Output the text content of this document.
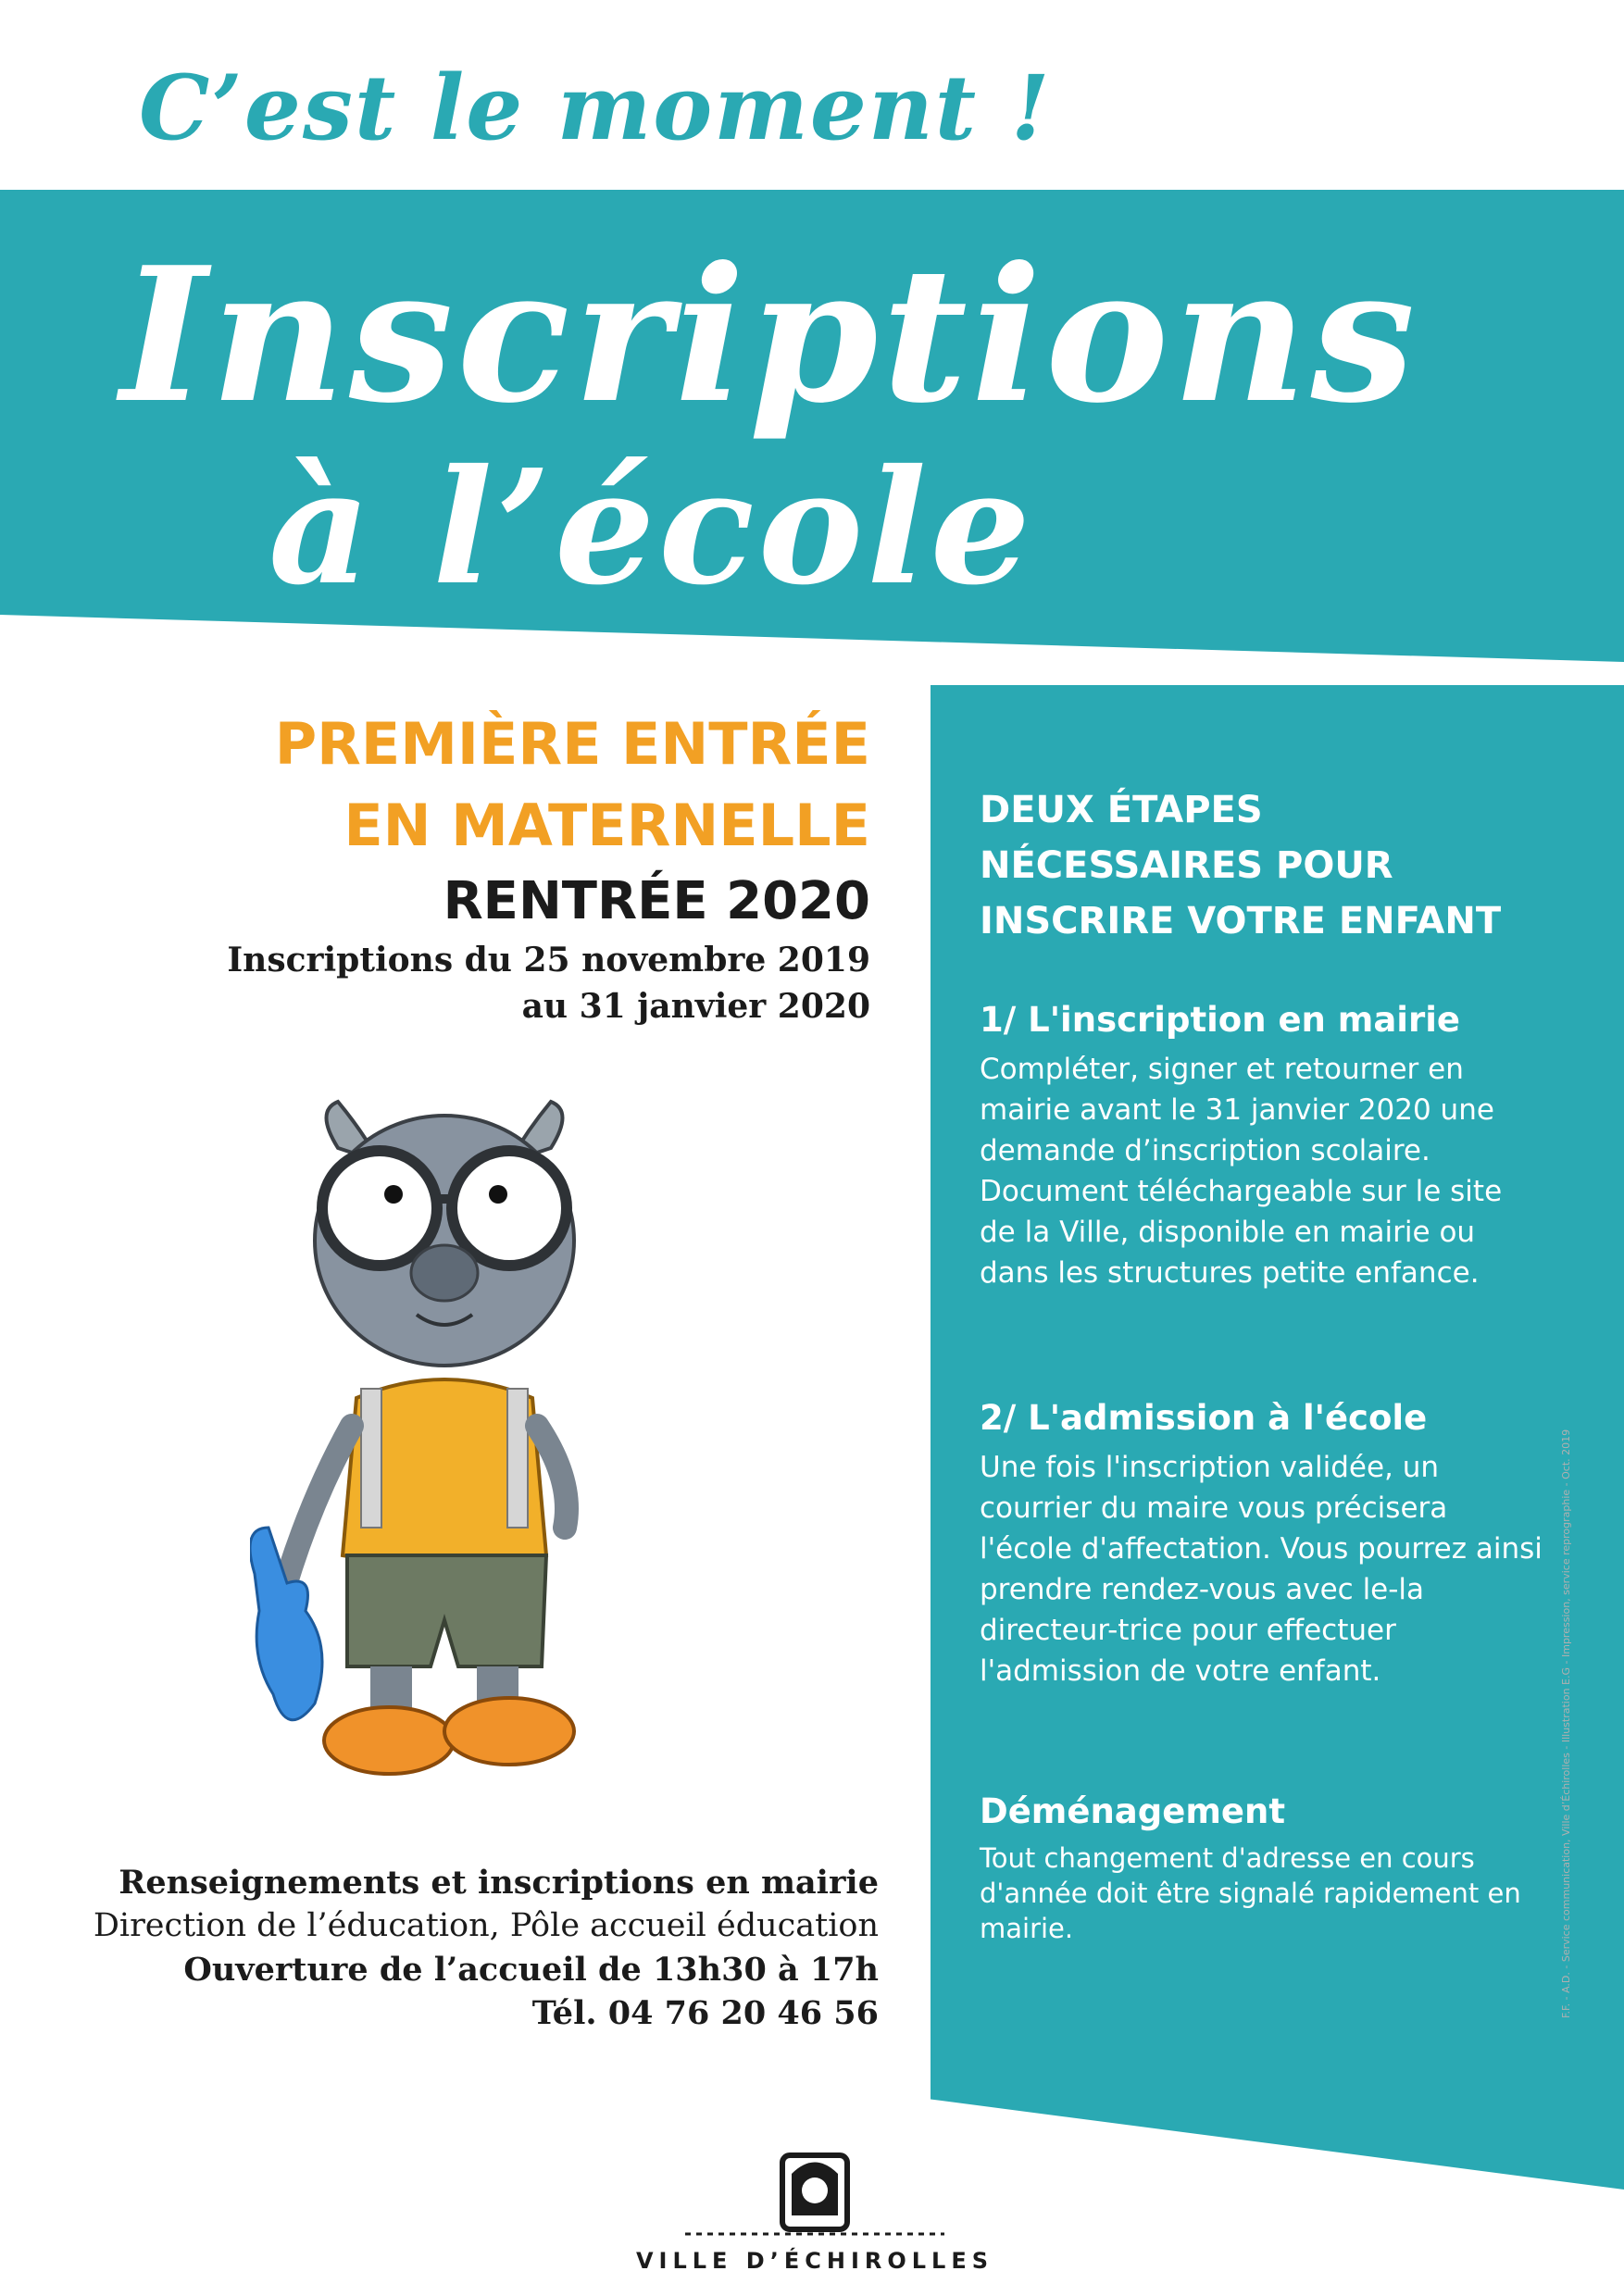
C’est le moment !
Inscriptions
à l’école
PREMIÈRE ENTRÉE
EN MATERNELLE
RENTRÉE 2020
Inscriptions du 25 novembre 2019
au 31 janvier 2020
Renseignements et inscriptions en mairie
Direction de l’éducation, Pôle accueil éducation
Ouverture de l’accueil de 13h30 à 17h
Tél. 04 76 20 46 56
DEUX ÉTAPES
NÉCESSAIRES POUR
INSCRIRE VOTRE ENFANT
1/ L'inscription en mairie

Compléter, signer et retourner en mairie avant le 31 janvier 2020 une demande d’inscription scolaire.

Document téléchargeable sur le site de la Ville, disponible en mairie ou dans les structures petite enfance.

2/ L'admission à l'école

Une fois l'inscription validée, un courrier du maire vous précisera l'école d'affectation. Vous pourrez ainsi prendre rendez-vous avec le-la directeur-trice pour effectuer l'admission de votre enfant.

Déménagement

Tout changement d'adresse en cours d'année doit être signalé rapidement en mairie.	F.F. - A.D. - Service communication, Ville d’Échirolles - Illustration E.G - Impression, service reprographie - Oct. 2019
VILLE D’ÉCHIROLLES
